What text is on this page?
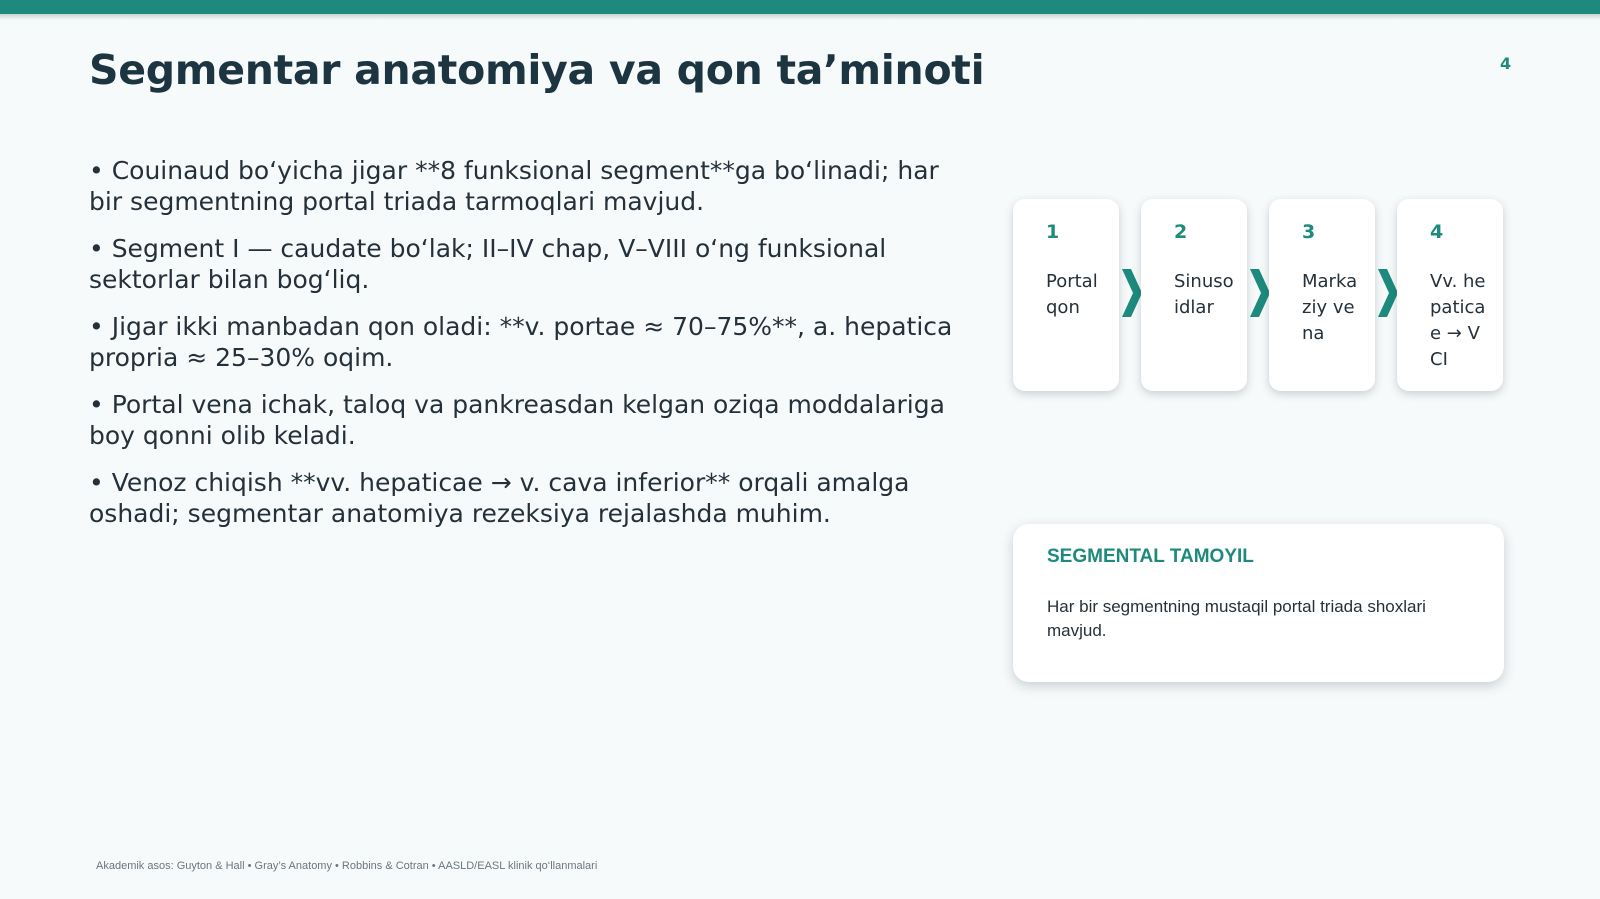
Segmentar anatomiya va qon ta’minoti	4
• Couinaud bo‘yicha jigar **8 funksional segment**ga bo‘linadi; har bir segmentning portal triada tarmoqlari mavjud.
• Segment I — caudate bo‘lak; II–IV chap, V–VIII o‘ng funksional sektorlar bilan bog‘liq.
• Jigar ikki manbadan qon oladi: **v. portae ≈ 70–75%**, a. hepatica propria ≈ 25–30% oqim.
• Portal vena ichak, taloq va pankreasdan kelgan oziqa moddalariga boy qonni olib keladi.
• Venoz chiqish **vv. hepaticae → v. cava inferior** orqali amalga oshadi; segmentar anatomiya rezeksiya rejalashda muhim.
1
Portal qon
2
Sinusoidlar
3
Markaziy vena
4
Vv. hepaticae → VCI
SEGMENTAL TAMOYIL
Har bir segmentning mustaqil portal triada shoxlari mavjud.
Akademik asos: Guyton & Hall • Gray’s Anatomy • Robbins & Cotran • AASLD/EASL klinik qo‘llanmalari
